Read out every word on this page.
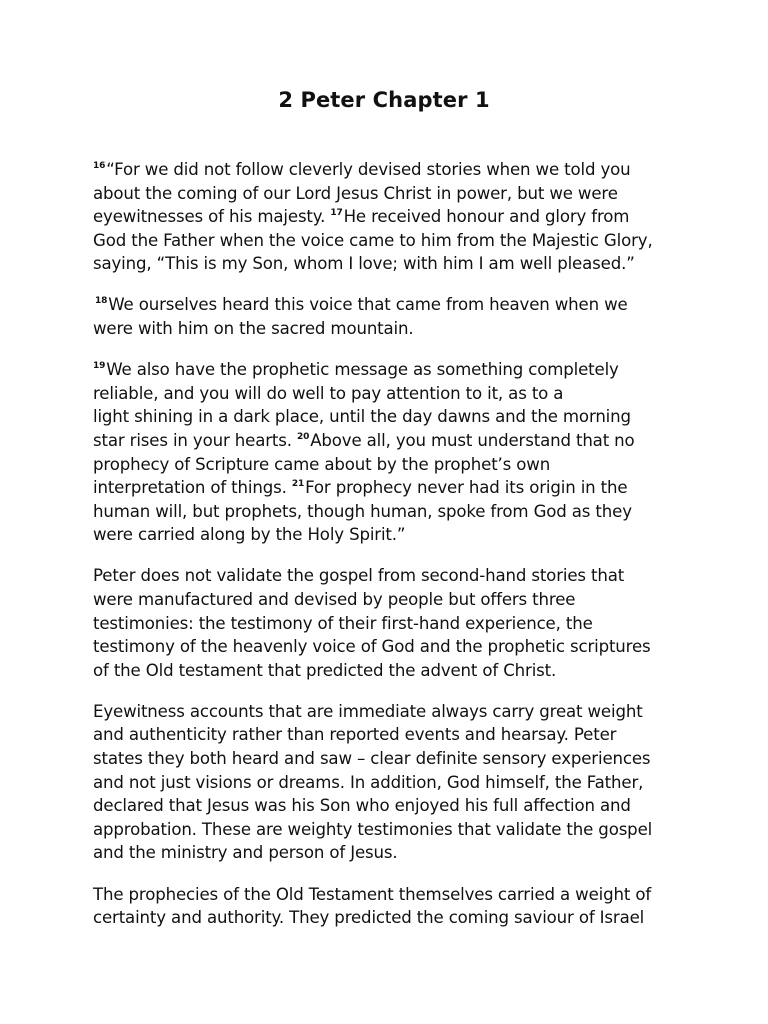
2 Peter Chapter 1

$^{16}$“For we did not follow cleverly devised stories when we told you
about the coming of our Lord Jesus Christ in power, but we were
eyewitnesses of his majesty. $^{17}$He received honour and glory from
God the Father when the voice came to him from the Majestic Glory,
saying, “This is my Son, whom I love; with him I am well pleased.”

$^{18}$We ourselves heard this voice that came from heaven when we
were with him on the sacred mountain.

$^{19}$We also have the prophetic message as something completely
reliable, and you will do well to pay attention to it, as to a
light shining in a dark place, until the day dawns and the morning
star rises in your hearts. $^{20}$Above all, you must understand that no
prophecy of Scripture came about by the prophet’s own
interpretation of things. $^{21}$For prophecy never had its origin in the
human will, but prophets, though human, spoke from God as they
were carried along by the Holy Spirit.”

Peter does not validate the gospel from second-hand stories that
were manufactured and devised by people but offers three
testimonies: the testimony of their first-hand experience, the
testimony of the heavenly voice of God and the prophetic scriptures
of the Old testament that predicted the advent of Christ.

Eyewitness accounts that are immediate always carry great weight
and authenticity rather than reported events and hearsay. Peter
states they both heard and saw – clear definite sensory experiences
and not just visions or dreams. In addition, God himself, the Father,
declared that Jesus was his Son who enjoyed his full affection and
approbation. These are weighty testimonies that validate the gospel
and the ministry and person of Jesus.

The prophecies of the Old Testament themselves carried a weight of
certainty and authority. They predicted the coming saviour of Israel
